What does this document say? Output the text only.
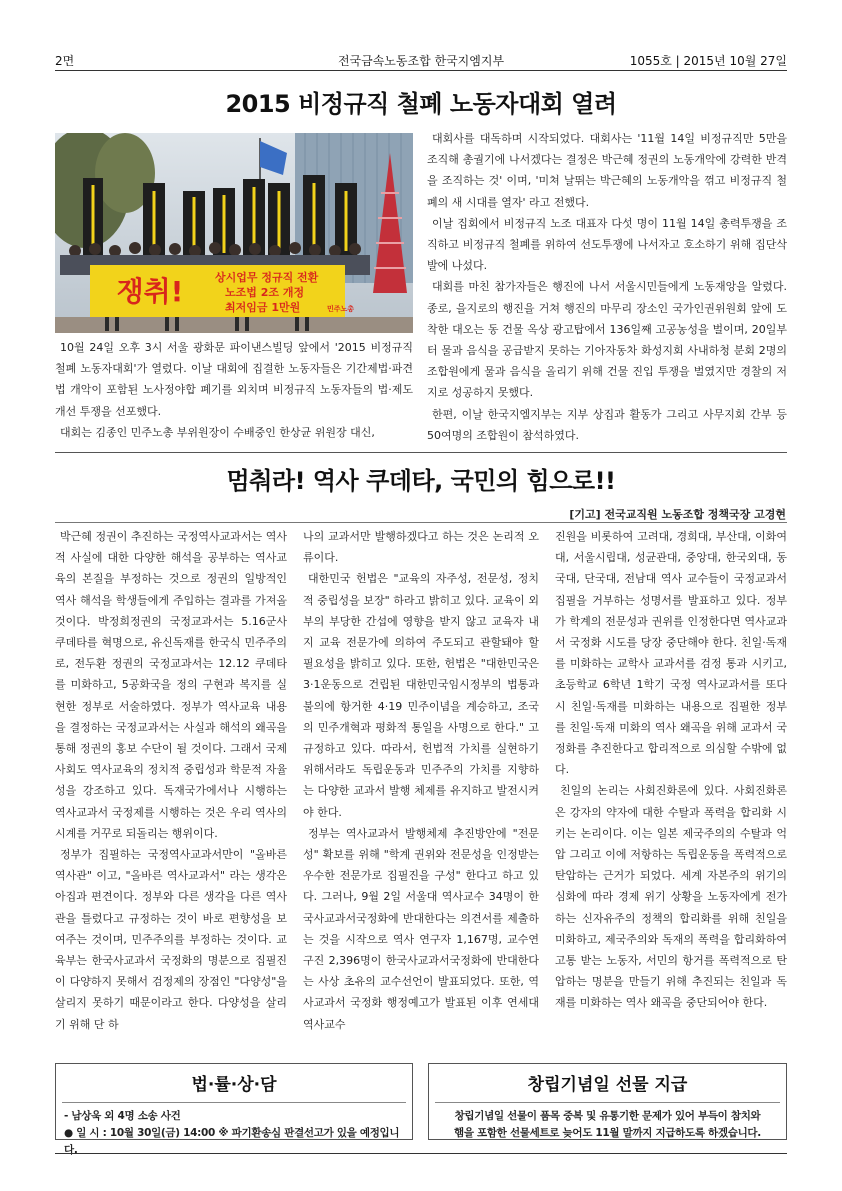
2면	전국금속노동조합 한국지엠지부	1055호 | 2015년 10월 27일
2015 비정규직 철폐 노동자대회 열려
쟁취!	상시업무 정규직 전환
노조법 2조 개정
최저임금 1만원	민주노총

10월 24일 오후 3시 서울 광화문 파이낸스빌딩 앞에서 '2015 비정규직 철폐 노동자대회'가 열렸다. 이날 대회에 집결한 노동자들은 기간제법·파견법 개악이 포함된 노사정야합 폐기를 외치며 비정규직 노동자들의 법·제도 개선 투쟁을 선포했다.

대회는 김종인 민주노총 부위원장이 수배중인 한상균 위원장 대신,

대회사를 대독하며 시작되었다. 대회사는 '11월 14일 비정규직만 5만을 조직해 총궐기에 나서겠다는 결정은 박근혜 정권의 노동개악에 강력한 반격을 조직하는 것' 이며, '미쳐 날뛰는 박근혜의 노동개악을 꺾고 비정규직 철폐의 새 시대를 열자' 라고 전했다.

이날 집회에서 비정규직 노조 대표자 다섯 명이 11월 14일 총력투쟁을 조직하고 비정규직 철폐를 위하여 선도투쟁에 나서자고 호소하기 위해 집단삭발에 나섰다.

대회를 마친 참가자들은 행진에 나서 서울시민들에게 노동재앙을 알렸다. 종로, 을지로의 행진을 거쳐 행진의 마무리 장소인 국가인권위원회 앞에 도착한 대오는 동 건물 옥상 광고탑에서 136일째 고공농성을 벌이며, 20일부터 물과 음식을 공급받지 못하는 기아자동차 화성지회 사내하청 분회 2명의 조합원에게 물과 음식을 올리기 위해 건물 진입 투쟁을 벌였지만 경찰의 저지로 성공하지 못했다.

한편, 이날 한국지엠지부는 지부 상집과 활동가 그리고 사무지회 간부 등 50여명의 조합원이 참석하였다.

멈춰라! 역사 쿠데타, 국민의 힘으로!!
[기고] 전국교직원 노동조합 정책국장 고경현

박근혜 정권이 추진하는 국정역사교과서는 역사적 사실에 대한 다양한 해석을 공부하는 역사교육의 본질을 부정하는 것으로 정권의 일방적인 역사 해석을 학생들에게 주입하는 결과를 가져올 것이다. 박정희정권의 국정교과서는 5.16군사 쿠데타를 혁명으로, 유신독재를 한국식 민주주의로, 전두환 정권의 국정교과서는 12.12 쿠데타를 미화하고, 5공화국을 정의 구현과 복지를 실현한 정부로 서술하였다. 정부가 역사교육 내용을 결정하는 국정교과서는 사실과 해석의 왜곡을 통해 정권의 홍보 수단이 될 것이다. 그래서 국제사회도 역사교육의 정치적 중립성과 학문적 자율성을 강조하고 있다. 독재국가에서나 시행하는 역사교과서 국정제를 시행하는 것은 우리 역사의 시계를 거꾸로 되돌리는 행위이다.

정부가 집필하는 국정역사교과서만이 "올바른 역사관" 이고, "올바른 역사교과서" 라는 생각은 아집과 편견이다. 정부와 다른 생각을 다른 역사관을 틀렸다고 규정하는 것이 바로 편향성을 보여주는 것이며, 민주주의를 부정하는 것이다. 교육부는 한국사교과서 국정화의 명분으로 집필진이 다양하지 못해서 검정제의 장점인 "다양성"을 살리지 못하기 때문이라고 한다. 다양성을 살리기 위해 단 하

나의 교과서만 발행하겠다고 하는 것은 논리적 오류이다.

대한민국 헌법은 "교육의 자주성, 전문성, 정치적 중립성을 보장" 하라고 밝히고 있다. 교육이 외부의 부당한 간섭에 영향을 받지 않고 교육자 내지 교육 전문가에 의하여 주도되고 관할돼야 할 필요성을 밝히고 있다. 또한, 헌법은 "대한민국은 3·1운동으로 건립된 대한민국임시정부의 법통과 불의에 항거한 4·19 민주이념을 계승하고, 조국의 민주개혁과 평화적 통일을 사명으로 한다." 고 규정하고 있다. 따라서, 헌법적 가치를 실현하기 위해서라도 독립운동과 민주주의 가치를 지향하는 다양한 교과서 발행 체제를 유지하고 발전시켜야 한다.

정부는 역사교과서 발행체제 추진방안에 "전문성" 확보를 위해 "학계 권위와 전문성을 인정받는 우수한 전문가로 집필진을 구성" 한다고 하고 있다. 그러나, 9월 2일 서울대 역사교수 34명이 한국사교과서국정화에 반대한다는 의견서를 제출하는 것을 시작으로 역사 연구자 1,167명, 교수연구진 2,396명이 한국사교과서국정화에 반대한다는 사상 초유의 교수선언이 발표되었다. 또한, 역사교과서 국정화 행정예고가 발표된 이후 연세대 역사교수

진원을 비롯하여 고려대, 경희대, 부산대, 이화여대, 서울시립대, 성균관대, 중앙대, 한국외대, 동국대, 단국대, 전남대 역사 교수들이 국정교과서 집필을 거부하는 성명서를 발표하고 있다. 정부가 학계의 전문성과 권위를 인정한다면 역사교과서 국정화 시도를 당장 중단해야 한다. 친일·독재를 미화하는 교학사 교과서를 검정 통과 시키고, 초등학교 6학년 1학기 국정 역사교과서를 또다시 친일·독재를 미화하는 내용으로 집필한 정부를 친일·독재 미화의 역사 왜곡을 위해 교과서 국정화를 추진한다고 합리적으로 의심할 수밖에 없다.

친일의 논리는 사회진화론에 있다. 사회진화론은 강자의 약자에 대한 수탈과 폭력을 합리화 시키는 논리이다. 이는 일본 제국주의의 수탈과 억압 그리고 이에 저항하는 독립운동을 폭력적으로 탄압하는 근거가 되었다. 세계 자본주의 위기의 심화에 따라 경제 위기 상황을 노동자에게 전가하는 신자유주의 정책의 합리화를 위해 친일을 미화하고, 제국주의와 독재의 폭력을 합리화하여 고통 받는 노동자, 서민의 항거를 폭력적으로 탄압하는 명분을 만들기 위해 추진되는 친일과 독재를 미화하는 역사 왜곡을 중단되어야 한다.

법·률·상·담
- 남상욱 외 4명 소송 사건
● 일 시 : 10월 30일(금) 14:00 ※ 파기환송심 판결선고가 있을 예정입니다.
창립기념일 선물 지급
창립기념일 선물이 품목 중복 및 유통기한 문제가 있어 부득이 참치와
햄을 포함한 선물세트로 늦어도 11월 말까지 지급하도록 하겠습니다.
